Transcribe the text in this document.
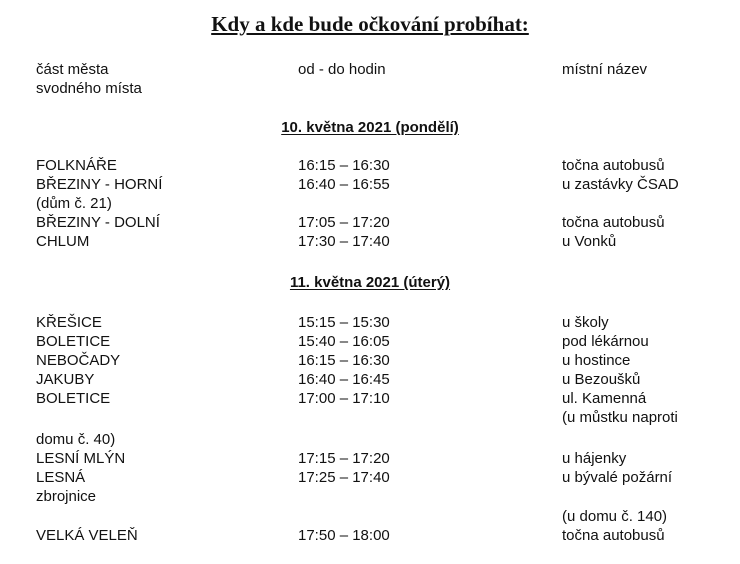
Kdy a kde bude očkování probíhat:
část města	od - do hodin	místní název
svodného místa
10. května 2021 (pondělí)
FOLKNÁŘE	16:15 – 16:30	točna autobusů
BŘEZINY - HORNÍ	16:40 – 16:55	u zastávky ČSAD
(dům č. 21)
BŘEZINY - DOLNÍ	17:05 – 17:20	točna autobusů
CHLUM	17:30 – 17:40	u Vonků
11. května 2021 (úterý)
KŘEŠICE	15:15 – 15:30	u školy
BOLETICE	15:40 – 16:05	pod lékárnou
NEBOČADY	16:15 – 16:30	u hostince
JAKUBY	16:40 – 16:45	u Bezoušků
BOLETICE	17:00 – 17:10	ul. Kamenná
(u můstku naproti
domu č. 40)
LESNÍ MLÝN	17:15 – 17:20	u hájenky
LESNÁ	17:25 – 17:40	u bývalé požární
zbrojnice
(u domu č. 140)
VELKÁ VELEŇ	17:50 – 18:00	točna autobusů
